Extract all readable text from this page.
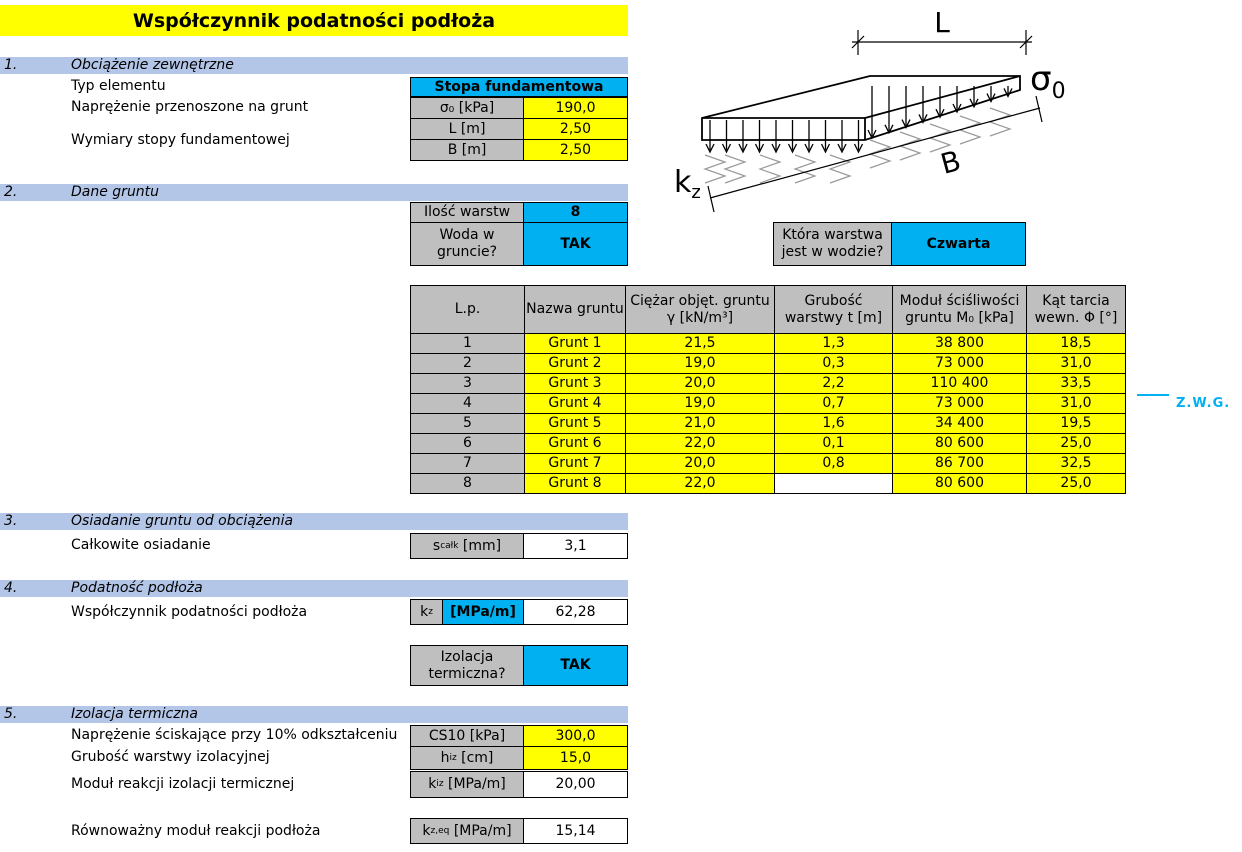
Współczynnik podatności podłoża
1.	Obciążenie zewnętrzne
Typ elementu	Stopa fundamentowa
Naprężenie przenoszone na grunt	σ₀ [kPa]	190,0
Wymiary stopy fundamentowej
L [m]	2,50
B [m]	2,50
2.	Dane gruntu
Ilość warstw	8
Woda w gruncie?
TAK
Która warstwa jest w wodzie?
Czwarta
L.p.	Nazwa gruntu	Ciężar objęt. gruntu γ [kN/m³]	Grubość warstwy t [m]	Moduł ściśliwości gruntu M₀ [kPa]	Kąt tarcia wewn. Φ [°]
1	Grunt 1	21,5	1,3	38 800	18,5
2	Grunt 2	19,0	0,3	73 000	31,0
3	Grunt 3	20,0	2,2	110 400	33,5
4	Grunt 4	19,0	0,7	73 000	31,0
5	Grunt 5	21,0	1,6	34 400	19,5
6	Grunt 6	22,0	0,1	80 600	25,0
7	Grunt 7	20,0	0,8	86 700	32,5
8	Grunt 8	22,0		80 600	25,0
Z.W.G.
3.	Osiadanie gruntu od obciążenia
Całkowite osiadanie	s całk [mm]	3,1
4.	Podatność podłoża
Współczynnik podatności podłoża	k z	[MPa/m]	62,28
Izolacja termiczna?
TAK
5.	Izolacja termiczna
Naprężenie ściskające przy 10% odkształceniu	CS10 [kPa]	300,0
Grubość warstwy izolacyjnej	h iz [cm]	15,0
Moduł reakcji izolacji termicznej	k iz [MPa/m]	20,00
Równoważny moduł reakcji podłoża	k z,eq [MPa/m]	15,14
L
B
$\sigma_0$
$k_z$
